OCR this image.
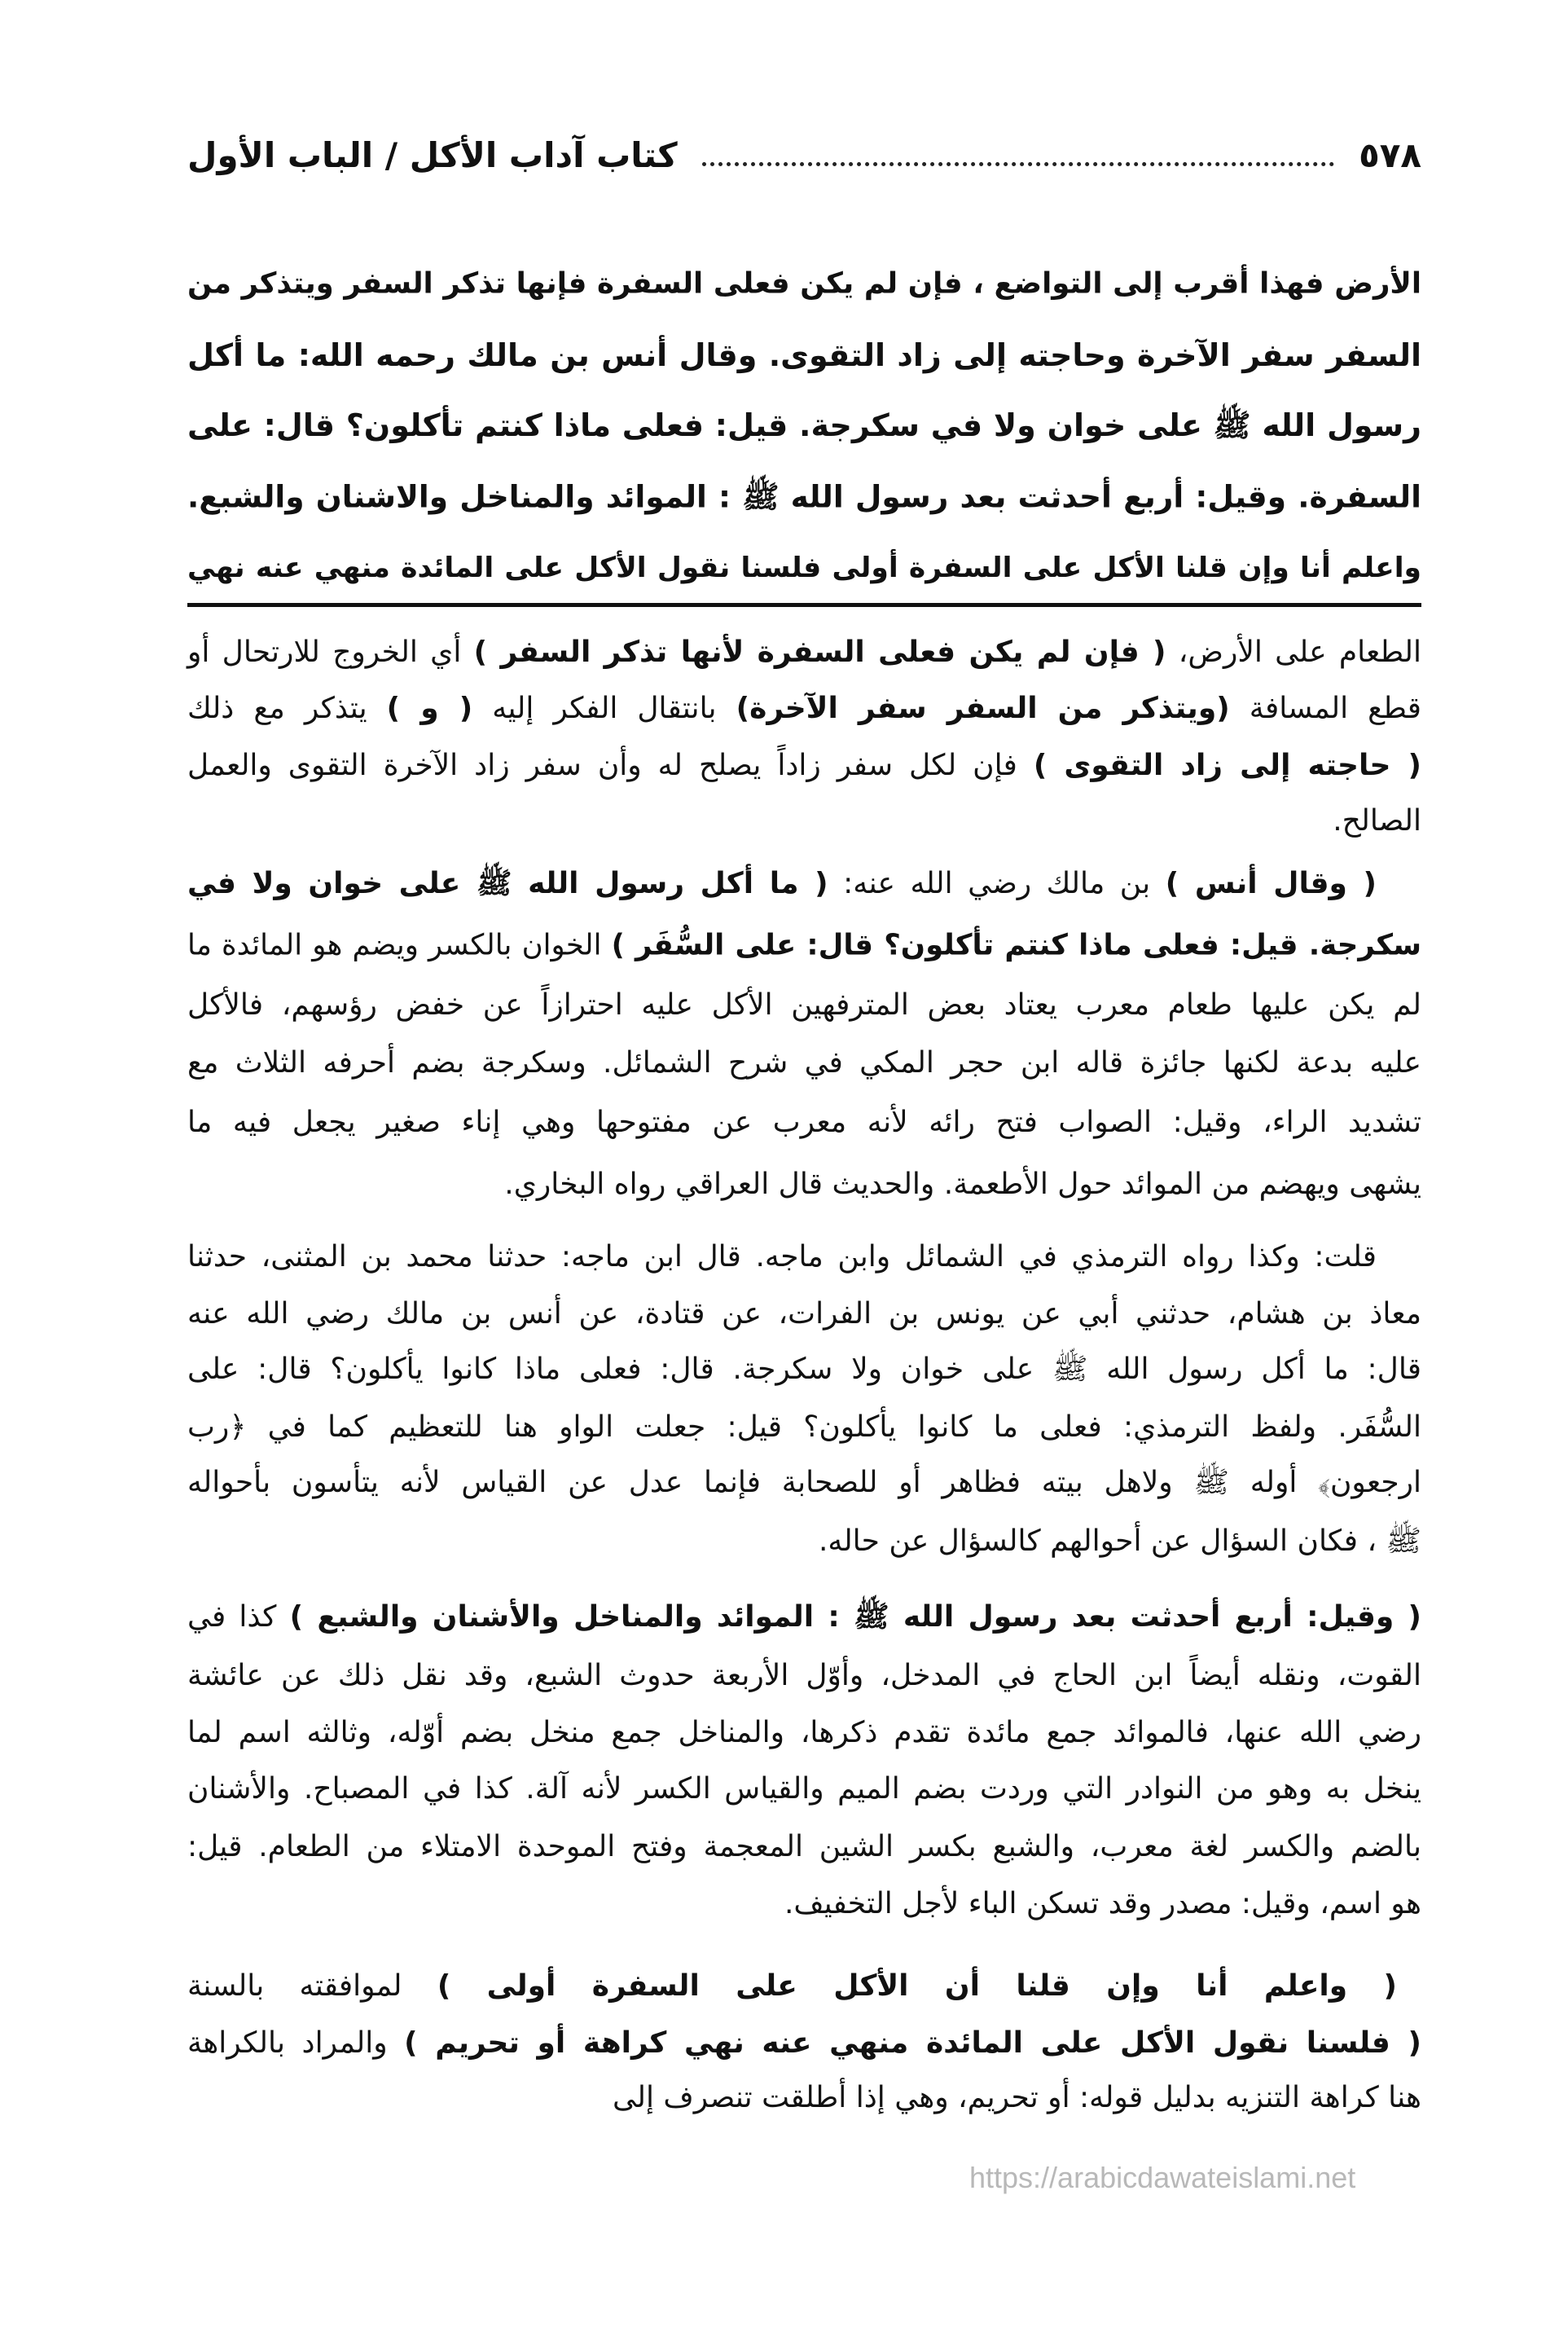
٥٧٨
كتاب آداب الأكل / الباب الأول
الأرض فهذا أقرب إلى التواضع ، فإن لم يكن فعلى السفرة فإنها تذكر السفر ويتذكر من
السفر سفر الآخرة وحاجته إلى زاد التقوى. وقال أنس بن مالك رحمه الله: ما أكل
رسول الله ﷺ على خوان ولا في سكرجة. قيل: فعلى ماذا كنتم تأكلون؟ قال: على
السفرة. وقيل: أربع أحدثت بعد رسول الله ﷺ : الموائد والمناخل والاشنان والشبع.
واعلم أنا وإن قلنا الأكل على السفرة أولى فلسنا نقول الأكل على المائدة منهي عنه نهي
الطعام على الأرض، ( فإن لم يكن فعلى السفرة لأنها تذكر السفر ) أي الخروج للارتحال أو
قطع المسافة (ويتذكر من السفر سفر الآخرة) بانتقال الفكر إليه ( و ) يتذكر مع ذلك
( حاجته إلى زاد التقوى ) فإن لكل سفر زاداً يصلح له وأن سفر زاد الآخرة التقوى والعمل
الصالح.
( وقال أنس ) بن مالك رضي الله عنه: ( ما أكل رسول الله ﷺ على خوان ولا في
سكرجة. قيل: فعلى ماذا كنتم تأكلون؟ قال: على السُّفَر ) الخوان بالكسر ويضم هو المائدة ما
لم يكن عليها طعام معرب يعتاد بعض المترفهين الأكل عليه احترازاً عن خفض رؤسهم، فالأكل
عليه بدعة لكنها جائزة قاله ابن حجر المكي في شرح الشمائل. وسكرجة بضم أحرفه الثلاث مع
تشديد الراء، وقيل: الصواب فتح رائه لأنه معرب عن مفتوحها وهي إناء صغير يجعل فيه ما
يشهى ويهضم من الموائد حول الأطعمة. والحديث قال العراقي رواه البخاري.
قلت: وكذا رواه الترمذي في الشمائل وابن ماجه. قال ابن ماجه: حدثنا محمد بن المثنى، حدثنا
معاذ بن هشام، حدثني أبي عن يونس بن الفرات، عن قتادة، عن أنس بن مالك رضي الله عنه
قال: ما أكل رسول الله ﷺ على خوان ولا سكرجة. قال: فعلى ماذا كانوا يأكلون؟ قال: على
السُّفَر. ولفظ الترمذي: فعلى ما كانوا يأكلون؟ قيل: جعلت الواو هنا للتعظيم كما في ﴿رب
ارجعون﴾ أوله ﷺ ولاهل بيته فظاهر أو للصحابة فإنما عدل عن القياس لأنه يتأسون بأحواله
ﷺ ، فكان السؤال عن أحوالهم كالسؤال عن حاله.
( وقيل: أربع أحدثت بعد رسول الله ﷺ : الموائد والمناخل والأشنان والشبع ) كذا في
القوت، ونقله أيضاً ابن الحاج في المدخل، وأوّل الأربعة حدوث الشبع، وقد نقل ذلك عن عائشة
رضي الله عنها، فالموائد جمع مائدة تقدم ذكرها، والمناخل جمع منخل بضم أوّله، وثالثه اسم لما
ينخل به وهو من النوادر التي وردت بضم الميم والقياس الكسر لأنه آلة. كذا في المصباح. والأشنان
بالضم والكسر لغة معرب، والشبع بكسر الشين المعجمة وفتح الموحدة الامتلاء من الطعام. قيل:
هو اسم، وقيل: مصدر وقد تسكن الباء لأجل التخفيف.
( واعلم أنا وإن قلنا أن الأكل على السفرة أولى ) لموافقته بالسنة
( فلسنا نقول الأكل على المائدة منهي عنه نهي كراهة أو تحريم ) والمراد بالكراهة
هنا كراهة التنزيه بدليل قوله: أو تحريم، وهي إذا أطلقت تنصرف إلى
https://arabicdawateislami.net
